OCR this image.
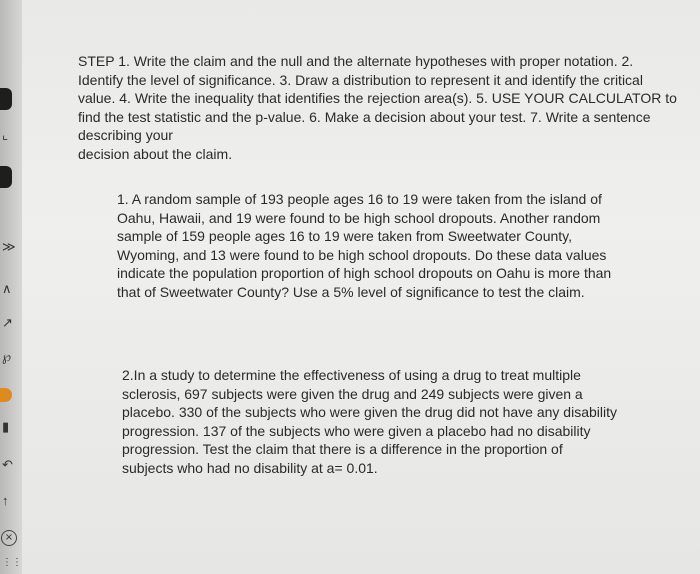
⌞
≫
∧
↗
℘
▮
↶
↑
×
⋮⋮

STEP 1. Write the claim and the null and the alternate hypotheses with proper notation. 2.

Identify the level of significance. 3. Draw a distribution to represent it and identify the critical

value. 4. Write the inequality that identifies the rejection area(s). 5. USE YOUR CALCULATOR to

find the test statistic and the p-value. 6. Make a decision about your test. 7. Write a sentence

describing your

decision about the claim.

1. A random sample of 193 people ages 16 to 19 were taken from the island of

Oahu, Hawaii, and 19 were found to be high school dropouts. Another random

sample of 159 people ages 16 to 19 were taken from Sweetwater County,

Wyoming, and 13 were found to be high school dropouts. Do these data values

indicate the population proportion of high school dropouts on Oahu is more than

that of Sweetwater County? Use a 5% level of significance to test the claim.

2.In a study to determine the effectiveness of using a drug to treat multiple

sclerosis, 697 subjects were given the drug and 249 subjects were given a

placebo. 330 of the subjects who were given the drug did not have any disability

progression. 137 of the subjects who were given a placebo had no disability

progression. Test the claim that there is a difference in the proportion of

subjects who had no disability at a= 0.01.
